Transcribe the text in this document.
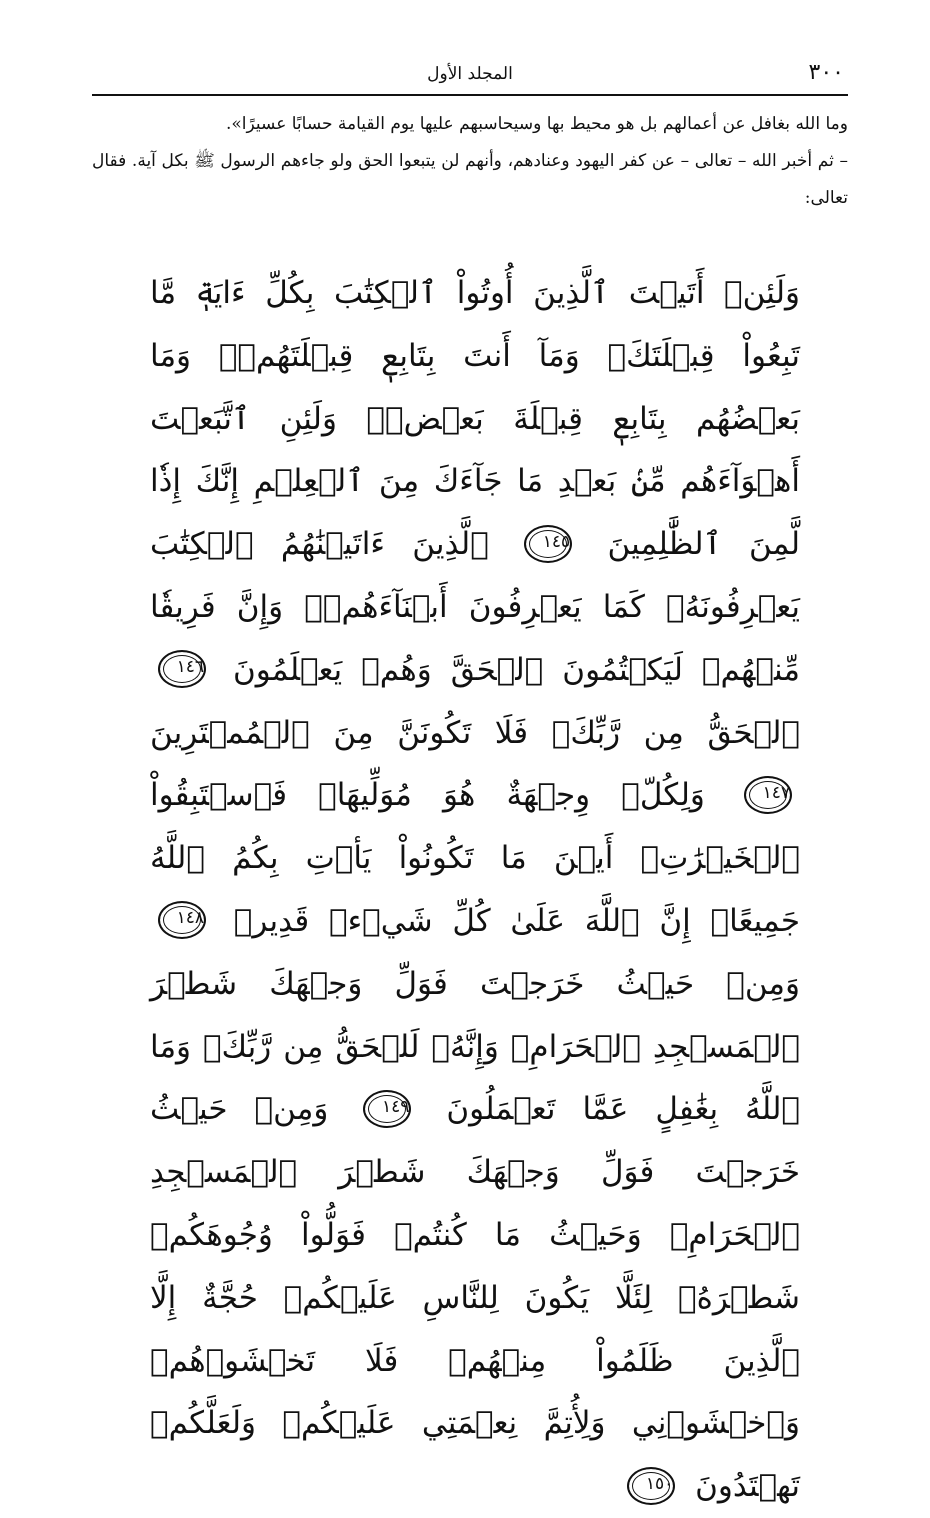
٣٠٠
المجلد الأول

وما الله بغافل عن أعمالهم بل هو محيط بها وسيحاسبهم عليها يوم القيامة حسابًا عسيرًا».

– ثم أخبر الله – تعالى – عن كفر اليهود وعنادهم، وأنهم لن يتبعوا الحق ولو جاءهم الرسول ﷺ بكل آية. فقال تعالى:

وَلَئِنۡ أَتَيۡتَ ٱلَّذِينَ أُوتُواْ ٱلۡكِتَٰبَ بِكُلِّ ءَايَةٖ مَّا تَبِعُواْ قِبۡلَتَكَۚ وَمَآ أَنتَ بِتَابِعٖ قِبۡلَتَهُمۡۚ وَمَا بَعۡضُهُم بِتَابِعٖ قِبۡلَةَ بَعۡضٖۚ وَلَئِنِ ٱتَّبَعۡتَ أَهۡوَآءَهُم مِّنۢ بَعۡدِ مَا جَآءَكَ مِنَ ٱلۡعِلۡمِ إِنَّكَ إِذٗا لَّمِنَ ٱلظَّٰلِمِينَ ١٤٥ ٱلَّذِينَ ءَاتَيۡنَٰهُمُ ٱلۡكِتَٰبَ يَعۡرِفُونَهُۥ كَمَا يَعۡرِفُونَ أَبۡنَآءَهُمۡۖ وَإِنَّ فَرِيقٗا مِّنۡهُمۡ لَيَكۡتُمُونَ ٱلۡحَقَّ وَهُمۡ يَعۡلَمُونَ ١٤٦ ٱلۡحَقُّ مِن رَّبِّكَۖ فَلَا تَكُونَنَّ مِنَ ٱلۡمُمۡتَرِينَ ١٤٧ وَلِكُلّٖ وِجۡهَةٌ هُوَ مُوَلِّيهَاۖ فَٱسۡتَبِقُواْ ٱلۡخَيۡرَٰتِۚ أَيۡنَ مَا تَكُونُواْ يَأۡتِ بِكُمُ ٱللَّهُ جَمِيعًاۚ إِنَّ ٱللَّهَ عَلَىٰ كُلِّ شَيۡءٖ قَدِيرٞ ١٤٨ وَمِنۡ حَيۡثُ خَرَجۡتَ فَوَلِّ وَجۡهَكَ شَطۡرَ ٱلۡمَسۡجِدِ ٱلۡحَرَامِۖ وَإِنَّهُۥ لَلۡحَقُّ مِن رَّبِّكَۗ وَمَا ٱللَّهُ بِغَٰفِلٍ عَمَّا تَعۡمَلُونَ ١٤٩ وَمِنۡ حَيۡثُ خَرَجۡتَ فَوَلِّ وَجۡهَكَ شَطۡرَ ٱلۡمَسۡجِدِ ٱلۡحَرَامِۚ وَحَيۡثُ مَا كُنتُمۡ فَوَلُّواْ وُجُوهَكُمۡ شَطۡرَهُۥ لِئَلَّا يَكُونَ لِلنَّاسِ عَلَيۡكُمۡ حُجَّةٌ إِلَّا ٱلَّذِينَ ظَلَمُواْ مِنۡهُمۡ فَلَا تَخۡشَوۡهُمۡ وَٱخۡشَوۡنِي وَلِأُتِمَّ نِعۡمَتِي عَلَيۡكُمۡ وَلَعَلَّكُمۡ تَهۡتَدُونَ ١٥٠
